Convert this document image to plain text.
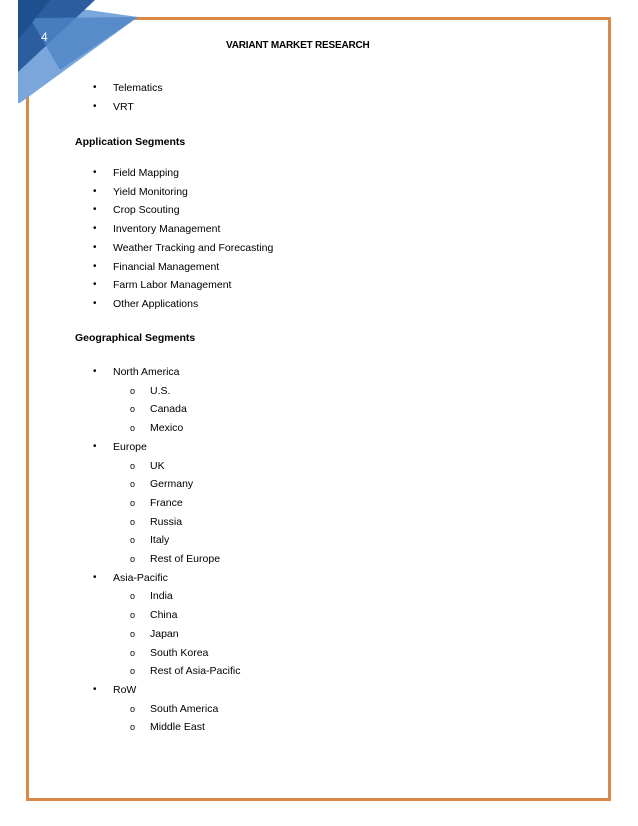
4
VARIANT MARKET RESEARCH
• Telematics
• VRT
Application Segments
• Field Mapping
• Yield Monitoring
• Crop Scouting
• Inventory Management
• Weather Tracking and Forecasting
• Financial Management
• Farm Labor Management
• Other Applications
Geographical Segments
• North America
o U.S.
o Canada
o Mexico
• Europe
o UK
o Germany
o France
o Russia
o Italy
o Rest of Europe
• Asia-Pacific
o India
o China
o Japan
o South Korea
o Rest of Asia-Pacific
• RoW
o South America
o Middle East
